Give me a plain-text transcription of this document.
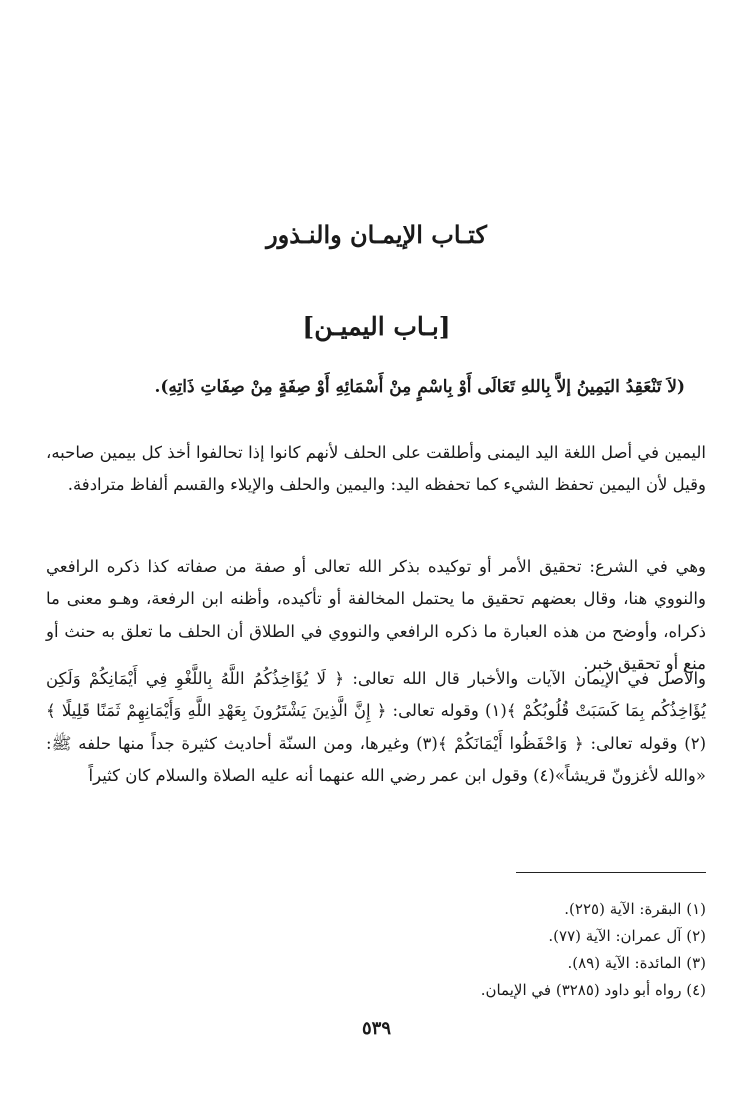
كتـاب الإيمـان والنـذور
[بـاب اليميـن]
(لاَ تَنْعَقِدُ اليَمِينُ إلاَّ بِاللهِ تَعَالَى أَوْ بِاسْمٍ مِنْ أَسْمَائِهِ أَوْ صِفَةٍ مِنْ صِفَاتِ ذَاتِهِ).

اليمين في أصل اللغة اليد اليمنى وأطلقت على الحلف لأنهم كانوا إذا تحالفوا أخذ كل بيمين صاحبه، وقيل لأن اليمين تحفظ الشيء كما تحفظه اليد: واليمين والحلف والإيلاء والقسم ألفاظ مترادفة.

وهي في الشرع: تحقيق الأمر أو توكيده بذكر الله تعالى أو صفة من صفاته كذا ذكره الرافعي والنووي هنا، وقال بعضهم تحقيق ما يحتمل المخالفة أو تأكيده، وأظنه ابن الرفعة، وهـو معنى ما ذكراه، وأوضح من هذه العبارة ما ذكره الرافعي والنووي في الطلاق أن الحلف ما تعلق به حنث أو منع أو تحقيق خبر.

والأصل في الإيمان الآيات والأخبار قال الله تعالى: ﴿ لَا يُؤَاخِذُكُمُ اللَّهُ بِاللَّغْوِ فِي أَيْمَانِكُمْ وَلَكِن يُؤَاخِذُكُم بِمَا كَسَبَتْ قُلُوبُكُمْ ﴾(١) وقوله تعالى: ﴿ إِنَّ الَّذِينَ يَشْتَرُونَ بِعَهْدِ اللَّهِ وَأَيْمَانِهِمْ ثَمَنًا قَلِيلًا ﴾(٢) وقوله تعالى: ﴿ وَاحْفَظُوا أَيْمَانَكُمْ ﴾(٣) وغيرها، ومن السنّة أحاديث كثيرة جداً منها حلفه ﷺ: «والله لأغزونّ قريشاً»(٤) وقول ابن عمر رضي الله عنهما أنه عليه الصلاة والسلام كان كثيراً

(١) البقرة: الآية (٢٢٥).
(٢) آل عمران: الآية (٧٧).
(٣) المائدة: الآية (٨٩).
(٤) رواه أبو داود (٣٢٨٥) في الإيمان.
٥٣٩
